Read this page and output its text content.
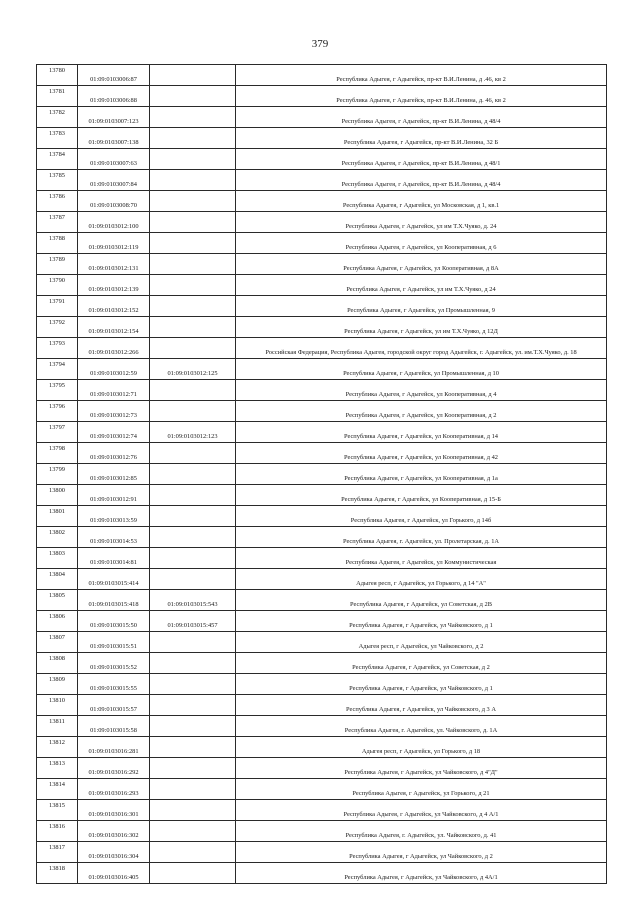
379
13780	01:09:0103006:87		Республика Адыгея, г Адыгейск, пр-кт В.И.Ленина, д .46, кв 2
13781	01:09:0103006:88		Республика Адыгея, г Адыгейск, пр-кт В.И.Ленина, д. 46, кв 2
13782	01:09:0103007:123		Республика Адыгея, г Адыгейск, пр-кт В.И.Ленина, д 48/4
13783	01:09:0103007:138		Республика Адыгея, г Адыгейск, пр-кт В.И.Ленина, 32 Б
13784	01:09:0103007:63		Республика Адыгея, г Адыгейск, пр-кт В.И.Ленина, д 48/1
13785	01:09:0103007:84		Республика Адыгея, г Адыгейск, пр-кт В.И.Ленина, д 48/4
13786	01:09:0103008:70		Республика Адыгея, г Адыгейск, ул Московская, д 1, кв.1
13787	01:09:0103012:100		Республика Адыгея, г Адыгейск, ул им Т.Х.Чуяко, д. 24
13788	01:09:0103012:119		Республика Адыгея, г Адыгейск, ул Кооперативная, д 6
13789	01:09:0103012:131		Республика Адыгея, г Адыгейск, ул Кооперативная, д 8А
13790	01:09:0103012:139		Республика Адыгея, г Адыгейск, ул им Т.Х.Чуяко, д 24
13791	01:09:0103012:152		Республика Адыгея, г Адыгейск, ул Промышленная, 9
13792	01:09:0103012:154		Республика Адыгея, г Адыгейск, ул им Т.Х.Чуяко, д 12Д
13793	01:09:0103012:266		Российская Федерация, Республика Адыгея, городской округ город Адыгейск, г. Адыгейск, ул. им.Т.Х.Чуяко, д. 18
13794	01:09:0103012:59	01:09:0103012:125	Республика Адыгея, г Адыгейск, ул Промышленная, д 10
13795	01:09:0103012:71		Республика Адыгея, г Адыгейск, ул Кооперативная, д 4
13796	01:09:0103012:73		Республика Адыгея, г Адыгейск, ул Кооперативная, д 2
13797	01:09:0103012:74	01:09:0103012:123	Республика Адыгея, г Адыгейск, ул Кооперативная, д 14
13798	01:09:0103012:76		Республика Адыгея, г Адыгейск, ул Кооперативная, д 42
13799	01:09:0103012:85		Республика Адыгея, г Адыгейск, ул Кооперативная, д 1а
13800	01:09:0103012:91		Республика Адыгея, г Адыгейск, ул Кооперативная, д 15-Б
13801	01:09:0103013:59		Республика Адыгея, г Адыгейск, ул Горького, д 14б
13802	01:09:0103014:53		Республика Адыгея, г. Адыгейск, ул. Пролетарская, д. 1А
13803	01:09:0103014:81		Республика Адыгея, г Адыгейск, ул Коммунистическая
13804	01:09:0103015:414		Адыгея респ, г Адыгейск, ул Горького, д 14 "А"
13805	01:09:0103015:418	01:09:0103015:543	Республика Адыгея, г Адыгейск, ул Советская, д 2В
13806	01:09:0103015:50	01:09:0103015:457	Республика Адыгея, г Адыгейск, ул Чайковского, д 1
13807	01:09:0103015:51		Адыгея респ, г Адыгейск, ул Чайковского, д 2
13808	01:09:0103015:52		Республика Адыгея, г Адыгейск, ул Советская, д 2
13809	01:09:0103015:55		Республика Адыгея, г Адыгейск, ул Чайковского, д 1
13810	01:09:0103015:57		Республика Адыгея, г Адыгейск, ул Чайковского, д 3 А
13811	01:09:0103015:58		Республика Адыгея, г. Адыгейск, ул. Чайковского, д. 1А
13812	01:09:0103016:281		Адыгея респ, г Адыгейск, ул Горького, д 18
13813	01:09:0103016:292		Республика Адыгея, г Адыгейск, ул Чайковского, д 4"Д"
13814	01:09:0103016:293		Республика Адыгея, г Адыгейск, ул Горького, д 21
13815	01:09:0103016:301		Республика Адыгея, г Адыгейск, ул Чайковского, д 4 А/1
13816	01:09:0103016:302		Республика Адыгея, г. Адыгейск, ул. Чайковского, д. 41
13817	01:09:0103016:304		Республика Адыгея, г Адыгейск, ул Чайковского, д 2
13818	01:09:0103016:405		Республика Адыгея, г Адыгейск, ул Чайковского, д 4А/1
